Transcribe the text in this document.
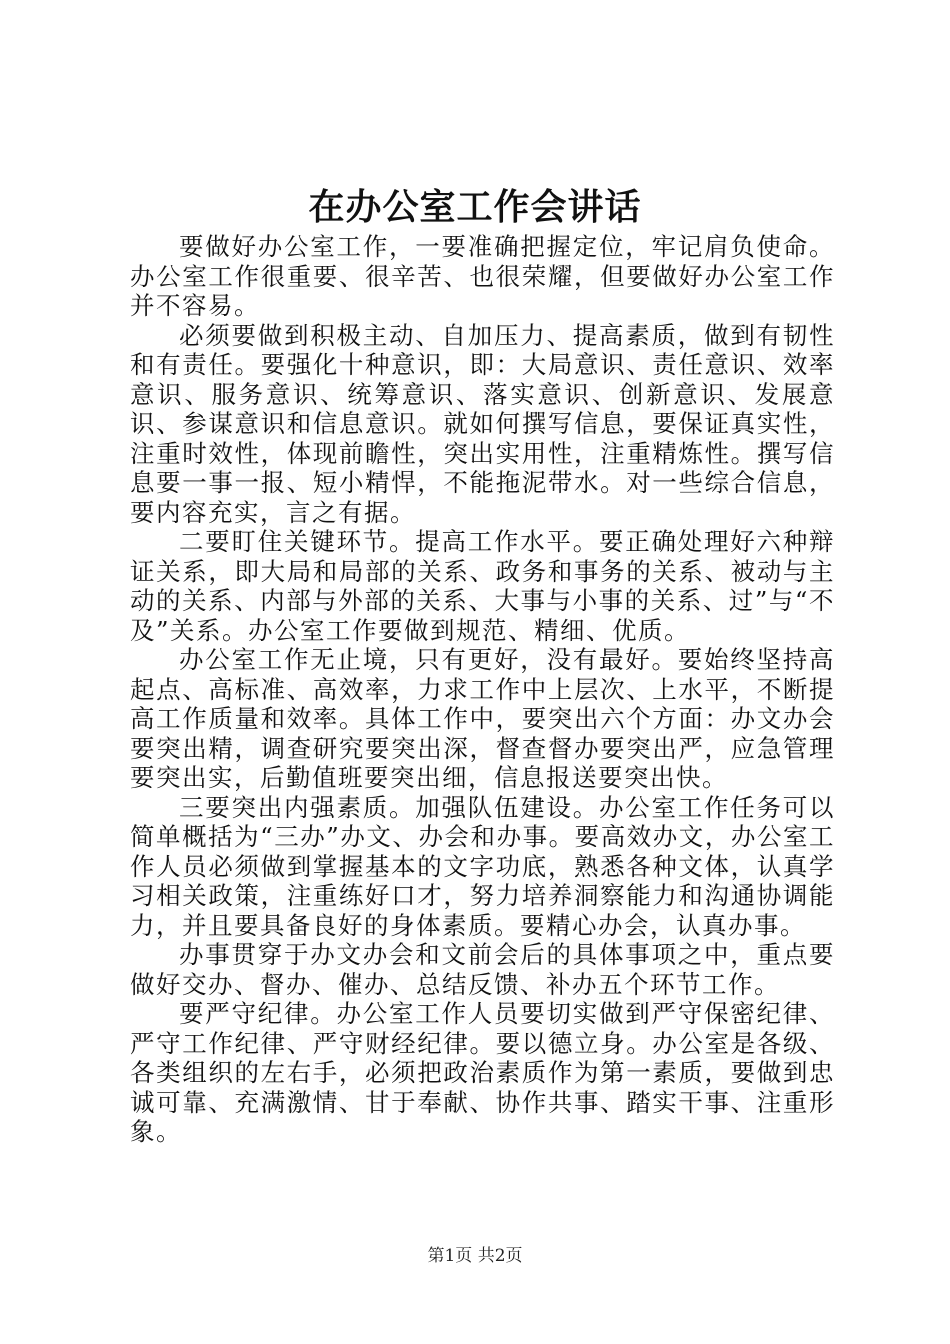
在办公室工作会讲话

要做好办公室工作，一要准确把握定位，牢记肩负使命。办公室工作很重要、很辛苦、也很荣耀，但要做好办公室工作并不容易。

必须要做到积极主动、自加压力、提高素质，做到有韧性和有责任。要强化十种意识，即：大局意识、责任意识、效率意识、服务意识、统筹意识、落实意识、创新意识、发展意识、参谋意识和信息意识。就如何撰写信息，要保证真实性，注重时效性，体现前瞻性，突出实用性，注重精炼性。撰写信息要一事一报、短小精悍，不能拖泥带水。对一些综合信息，要内容充实，言之有据。

二要盯住关键环节。提高工作水平。要正确处理好六种辩证关系，即大局和局部的关系、政务和事务的关系、被动与主动的关系、内部与外部的关系、大事与小事的关系、过”与“不及”关系。办公室工作要做到规范、精细、优质。

办公室工作无止境，只有更好，没有最好。要始终坚持高起点、高标准、高效率，力求工作中上层次、上水平，不断提高工作质量和效率。具体工作中，要突出六个方面：办文办会要突出精，调查研究要突出深，督查督办要突出严，应急管理要突出实，后勤值班要突出细，信息报送要突出快。

三要突出内强素质。加强队伍建设。办公室工作任务可以简单概括为“三办”办文、办会和办事。要高效办文，办公室工作人员必须做到掌握基本的文字功底，熟悉各种文体，认真学习相关政策，注重练好口才，努力培养洞察能力和沟通协调能力，并且要具备良好的身体素质。要精心办会，认真办事。

办事贯穿于办文办会和文前会后的具体事项之中，重点要做好交办、督办、催办、总结反馈、补办五个环节工作。

要严守纪律。办公室工作人员要切实做到严守保密纪律、严守工作纪律、严守财经纪律。要以德立身。办公室是各级、各类组织的左右手，必须把政治素质作为第一素质，要做到忠诚可靠、充满激情、甘于奉献、协作共事、踏实干事、注重形象。

第1页 共2页
